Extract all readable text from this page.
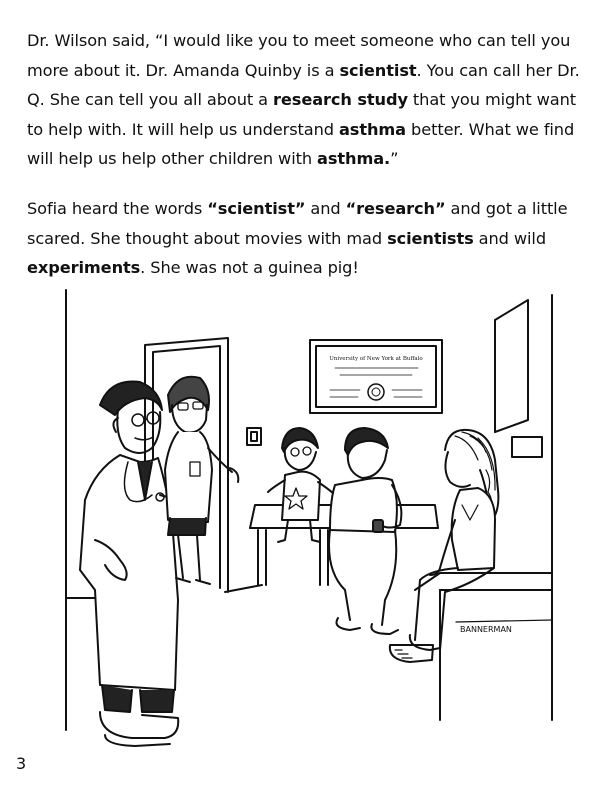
Dr. Wilson said, “I would like you to meet someone who can tell you more about it. Dr. Amanda Quinby is a scientist. You can call her Dr. Q. She can tell you all about a research study that you might want to help with. It will help us understand asthma better. What we find will help us help other children with asthma.”

Sofia heard the words “scientist” and “research” and got a little scared. She thought about movies with mad scientists and wild experiments. She was not a guinea pig!

University of New York at Buffalo
BANNERMAN
3
